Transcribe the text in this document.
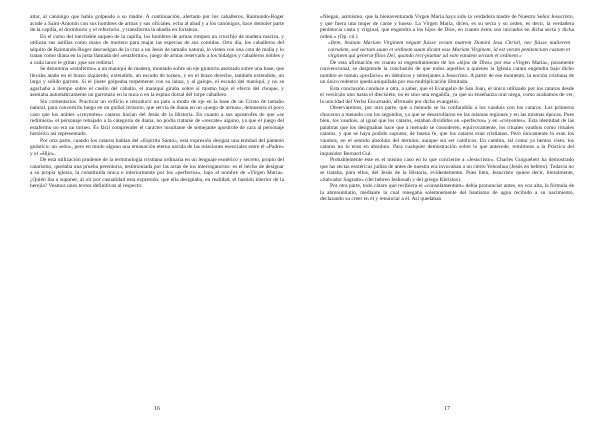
altar, al canónigo que había golpeado a su madre. A continuación, alertado por los caballeros, Raimundo-Roger acude a Saint-Antonin con sus hombres de armas y sus oficiales, echa al abad y a los canónigos, hace demoler parte de la capilla, el dormitorio y el refectorio, y transforma la abadía en fortaleza.

En el curso del inevitable saqueo de la capilla, los hombres de armas rompen un crucifijo de madera maciza, y utilizan sus astillas como mano de mortero para majar las especias de sus comidas. Otro día, los caballeros del séquito de Raimundo-Roger descuelgan de la cruz a un Jesús de tamaño natural, lo visten con una cota de malla y lo tratan como diana en la justa llamada del «estafermo», juego de armas reservado a los hidalgos y caballeros nobles y a cada lance le gritan ¡que sse redima!.

Se denomina «estafermo» a un maniquí de madera, montado sobre un eje giratorio asentado sobre una base; que llevaba atado en el brazo izquierdo, extendido, un escudo de torneo, y en el brazo derecho, también extendido, un largo y sólido garrote. Si el jinete golpeaba torpemente con su lanza, y al galope, el escudo del maniquí, y no se agachaba a tiempo sobre el cuello del caballo, el maniquí giraba sobre sí mismo bajo el efecto del choque, y asestaba automáticamente un garrotazo en la nuca o en la espina dorsal del torpe caballero.

Sin comentarios. Practicar un orificio e introducir un palo a modo de eje en la base de un Cristo de tamaño natural, para convertirlo luego en un guiñol irrisorio, que servía de diana en un «juego de armas», demuestra el poco caso que los nobles «creyentes» cataros hacían del Jesús de la Historia. En cuanto a sus apostrofes de que «se redimiera» el personaje rebajado a la categoría de diana, no podía tratarse de «rescate» alguno, ya que el juego del estafermo no era un torneo. Es fácil comprender el carácter insultante de semejante apostrofe de cara al personaje histórico así representado.

Por otra parte, cuando los cataros hablan del «Espíritu Santo», esta expresión designa una entidad del panteón gnóstico; un «eón», pero en modo alguno una emanación eterna nacida de las relaciones esenciales entre el «Padre» y el «Hijo».

De esta utilización prudente de la terminología cristiana ordinaria en un lenguaje esotérico y secreto, propio del catarismo, quedaba una prueba perentoria, testimoniada por las actas de los interrogatorios: es el hecho de designar a su propia iglesia, la constituida única e interiormente por los «perfectos», bajo el nombre de «Virgen María». ¿Quién iba a suponer, al oír por casualidad esta expresión, que ella designaba, en realidad, el bastión interior de la herejía? Veamos unos textos definitivos al respecto:

16

«Niegan, asimismo, que la bienaventurada Virgen María haya sido la verdadera madre de Nuestro Señor Jesucristo, y que fuera una mujer de carne y hueso. La Virgen María, dicen, es su secta y su orden, es decir, la verdadera penitencia casta y virginal, que engendra a los hijos de Dios, en cuanto éstos son iniciados en dicha secta y dicha orden.» (Op. cit.)

«Item, beatam Mariam Virginem negant fuisse verum matrem Domini Iesu Christi, nec fuisse mulierem carnalem, sed sectam suam et ordinem suum dicunt esse Mariam Virginem, id est veram penitenciam castam et virginem qui generat filios Dei, quando reci-piuntur ad eam eandem sectam et ordinem.»

De esta afirmación en cuanto al engendramiento de los «hijos de Dios» por esa «Virgen María», puramente convencional, se desprende la conclusión de que todos aquellos a quienes la Iglesia catara engendra bajo dicho nombre se toman «posfacto» en idénticos y semejantes a Jesucristo. A partir de ese momento, la noción cristiana de un único redentor queda aniquilada por esa multiplicación ilimitada.

Esta conclusión conduce a otra, a saber, que el Evangelio de San Juan, el único utilizado por los cataros desde el versículo uno hasta el diecisiete, no es sino una engañifa, ya que su enseñanza oral niega, como acabamos de ver, la unicidad del Verbo Encarnado, afirmado por dicho evangelio.

Observaremos, por otra parte, que a menudo se ha confundido a los vaudois con los cataros. Los primeros chocaron a menudo con los segundos, ya que se desarrollaron en las mismas regiones y en las mismas épocas. Pues bien, los vaudois, al igual que los cataros, estaban divididos en «perfectos» y en «creyentes». Esta identidad de las palabras que los designaban hace que a menudo se consideren, equívocamente, los rituales vaudois como rituales cataros, y que se haya podido suponer, de buena fe, que los cataros eran cristianos. Pero únicamente lo eran los vaudois, en el sentido absoluto del término, aunque sin ser católicos. En cambio, tal como ya hemos visto, los cataros no lo eran en absoluto. Para cualquier demostración sobre lo que antecede, remitimos a la Práctica del inquisidor Bernard Gui.

Probablemente este es el mismo caso en lo que concierne a «Jesucristo». Charles Guiguebert ha demostrado que las sectas esotéricas judías de antes de nuestra era invocaban a un cierto Yehoshua (Jesús en hebreo). Todavía no se trataba, para ellos, del Jesús de la Historia, evidentemente. Pues bien, Jesucristo quiere decir, literalmente, «Salvador Sagrado» (del hebreo Ieshouah y del griego Khristos).

Por otra parte, todo cátaro que recibiera el «consolamentum» debía pronunciar antes, en voz alta, la fórmula de la abrenuntiatio, mediante la cual renegaba solemnemente del bautismo de agua recibido a su nacimiento, declarando su creer en él y renunciar a él. Así quedaban

17
